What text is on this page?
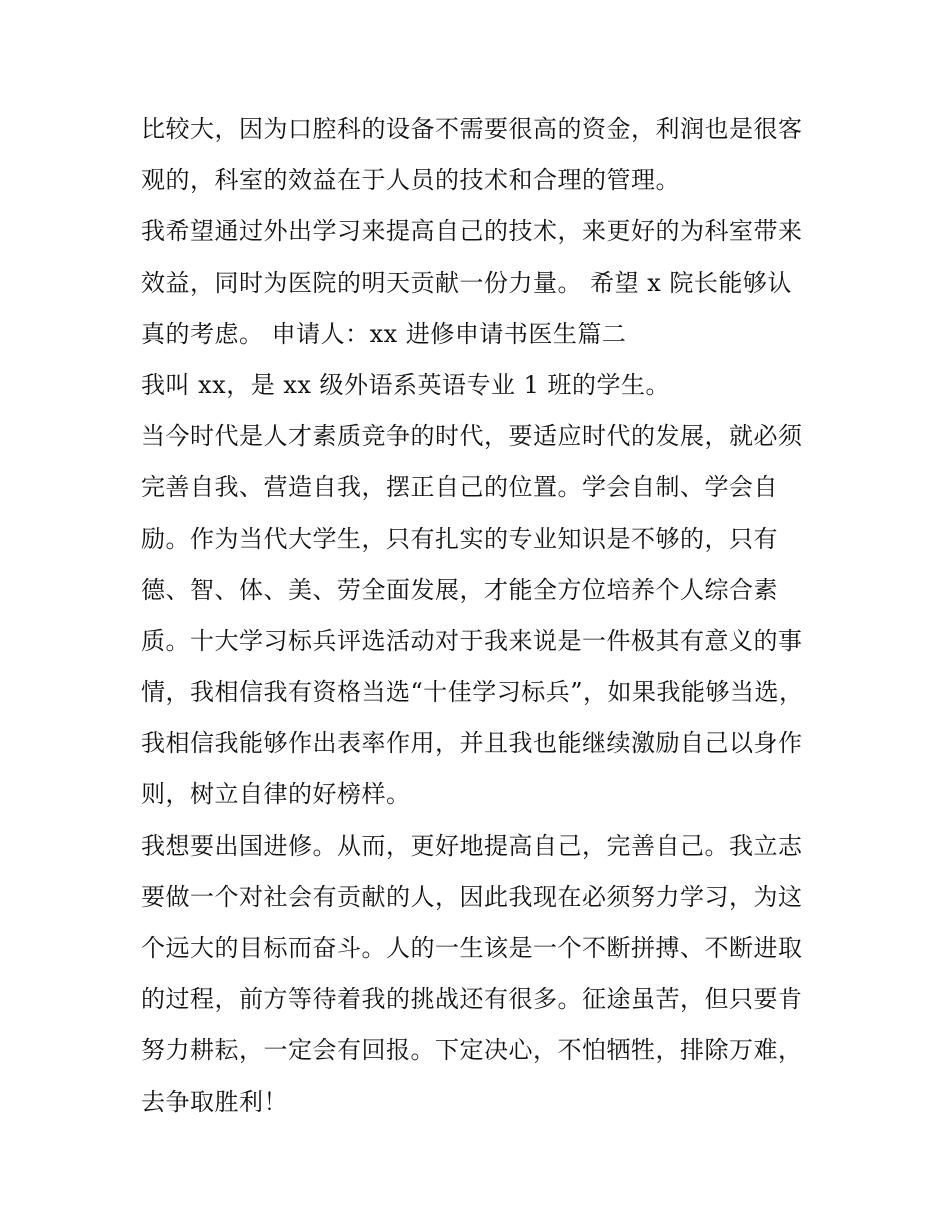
比较大，因为口腔科的设备不需要很高的资金，利润也是很客
观的，科室的效益在于人员的技术和合理的管理。
我希望通过外出学习来提高自己的技术，来更好的为科室带来
效益，同时为医院的明天贡献一份力量。 希望 x 院长能够认
真的考虑。 申请人：xx 进修申请书医生篇二
我叫 xx，是 xx 级外语系英语专业 1 班的学生。
当今时代是人才素质竞争的时代，要适应时代的发展，就必须
完善自我、营造自我，摆正自己的位置。学会自制、学会自
励。作为当代大学生，只有扎实的专业知识是不够的，只有
德、智、体、美、劳全面发展，才能全方位培养个人综合素
质。十大学习标兵评选活动对于我来说是一件极其有意义的事
情，我相信我有资格当选“十佳学习标兵”，如果我能够当选，
我相信我能够作出表率作用，并且我也能继续激励自己以身作
则，树立自律的好榜样。
我想要出国进修。从而，更好地提高自己，完善自己。我立志
要做一个对社会有贡献的人，因此我现在必须努力学习，为这
个远大的目标而奋斗。人的一生该是一个不断拼搏、不断进取
的过程，前方等待着我的挑战还有很多。征途虽苦，但只要肯
努力耕耘，一定会有回报。下定决心，不怕牺牲，排除万难，
去争取胜利！
